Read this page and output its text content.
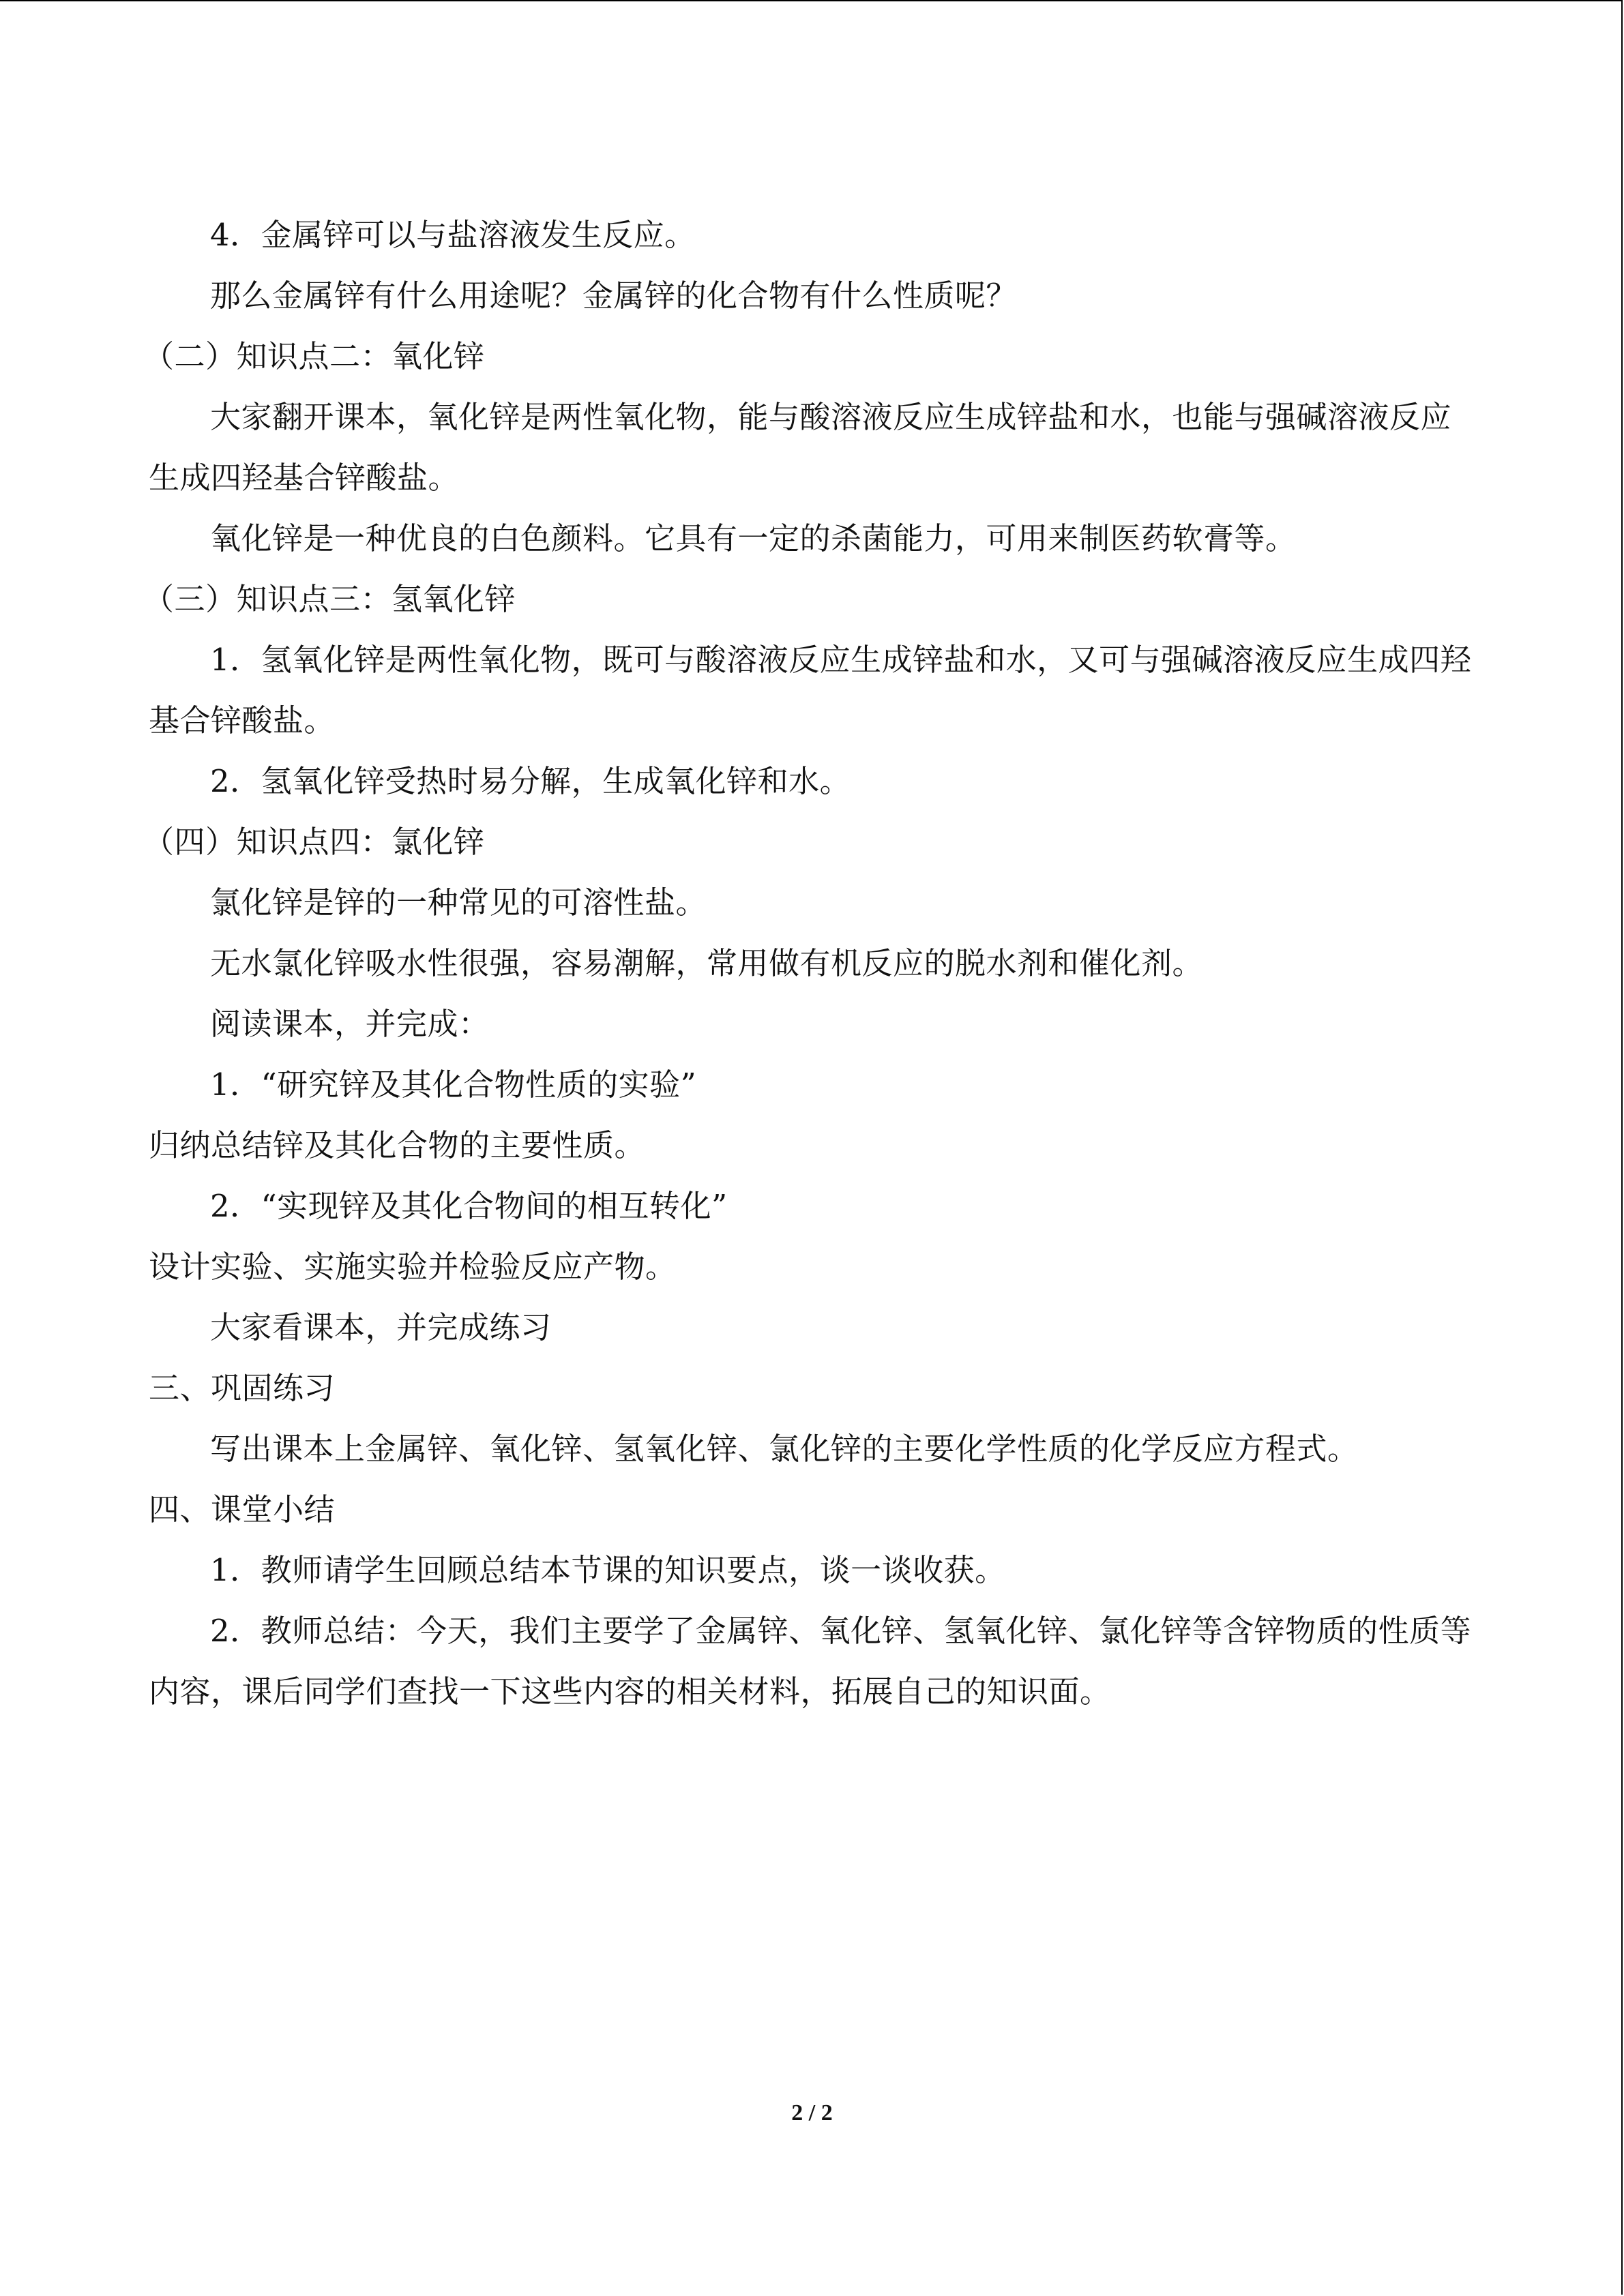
4．金属锌可以与盐溶液发生反应。

那么金属锌有什么用途呢？金属锌的化合物有什么性质呢？

（二）知识点二：氧化锌

大家翻开课本，氧化锌是两性氧化物，能与酸溶液反应生成锌盐和水，也能与强碱溶液反应生成四羟基合锌酸盐。

氧化锌是一种优良的白色颜料。它具有一定的杀菌能力，可用来制医药软膏等。

（三）知识点三：氢氧化锌

1．氢氧化锌是两性氧化物，既可与酸溶液反应生成锌盐和水，又可与强碱溶液反应生成四羟基合锌酸盐。

2．氢氧化锌受热时易分解，生成氧化锌和水。

（四）知识点四：氯化锌

氯化锌是锌的一种常见的可溶性盐。

无水氯化锌吸水性很强，容易潮解，常用做有机反应的脱水剂和催化剂。

阅读课本，并完成：

1．“研究锌及其化合物性质的实验”

归纳总结锌及其化合物的主要性质。

2．“实现锌及其化合物间的相互转化”

设计实验、实施实验并检验反应产物。

大家看课本，并完成练习

三、巩固练习

写出课本上金属锌、氧化锌、氢氧化锌、氯化锌的主要化学性质的化学反应方程式。

四、课堂小结

1．教师请学生回顾总结本节课的知识要点，谈一谈收获。

2．教师总结：今天，我们主要学了金属锌、氧化锌、氢氧化锌、氯化锌等含锌物质的性质等内容，课后同学们查找一下这些内容的相关材料，拓展自己的知识面。

2 / 2
